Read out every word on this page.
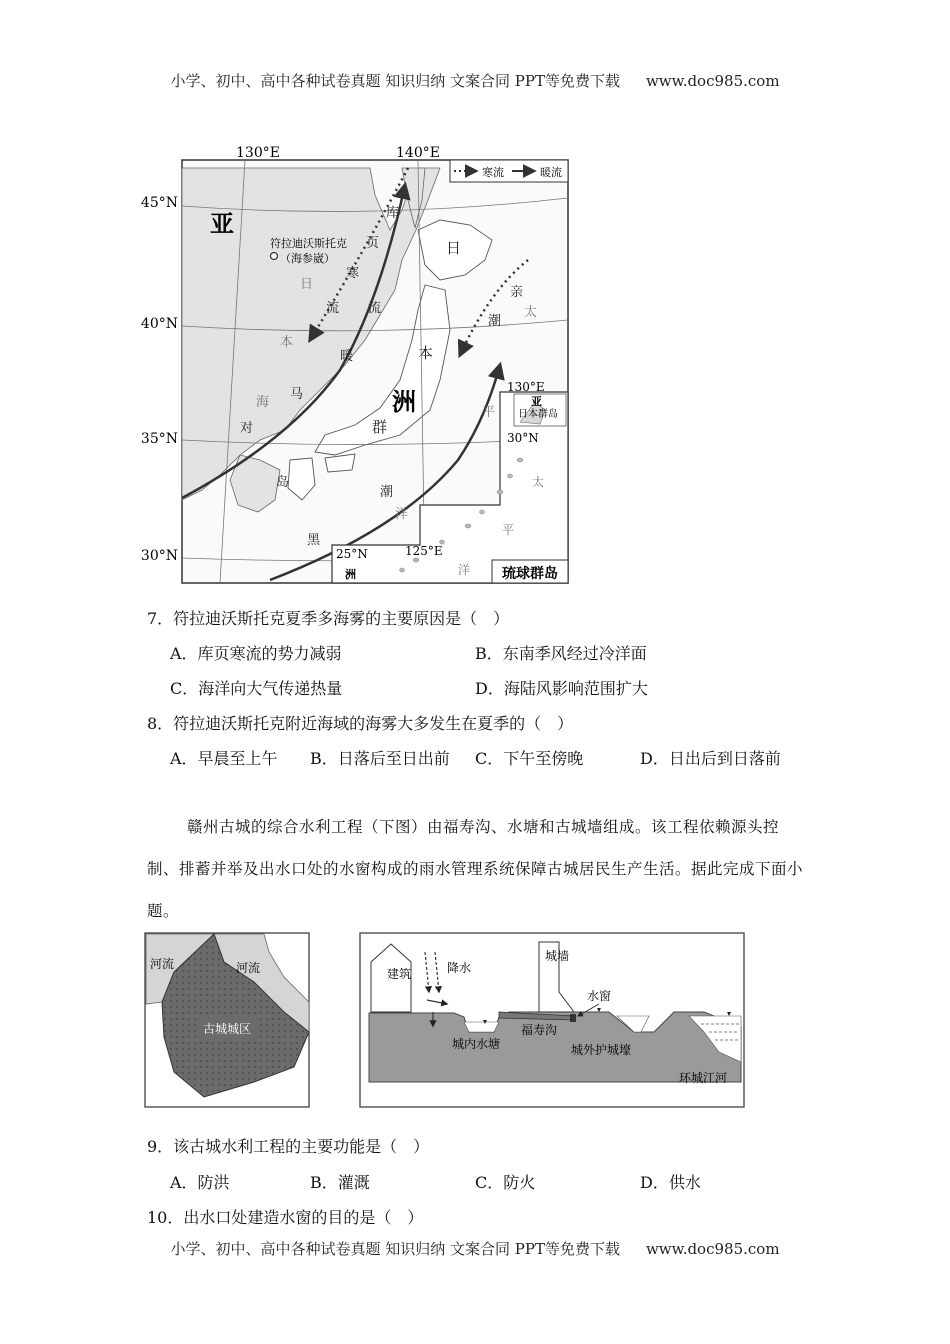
小学、初中、高中各种试卷真题 知识归纳 文案合同 PPT等免费下载 www.doc985.com
130°E	140°E
45°N
40°N
35°N
30°N
寒流	暖流
符拉迪沃斯托克
（海参崴）
亚
洲
库
页
寒
流 流
日
本
海
暖
马
对
岛
日
本
群
亲
潮
太
平
洋
黑
潮
130°E
亚
日本群岛
30°N
25°N	125°E
洲
太
平
洋 琉球群岛
7．符拉迪沃斯托克夏季多海雾的主要原因是（　）
A．库页寒流的势力减弱	B．东南季风经过冷洋面
C．海洋向大气传递热量	D．海陆风影响范围扩大
8．符拉迪沃斯托克附近海域的海雾大多发生在夏季的（　）
A．早晨至上午 B．日落后至日出前 C．下午至傍晚	D．日出后到日落前
赣州古城的综合水利工程（下图）由福寿沟、水塘和古城墙组成。该工程依赖源头控制、排蓄并举及出水口处的水窗构成的雨水管理系统保障古城居民生产生活。据此完成下面小题。
河流	河流
古城城区
建筑	降水
城墙
水窗
城内水塘
福寿沟
城外护城壕
环城江河
9．该古城水利工程的主要功能是（　）
A．防洪	B．灌溉	C．防火	D．供水
10．出水口处建造水窗的目的是（　）
小学、初中、高中各种试卷真题 知识归纳 文案合同 PPT等免费下载 www.doc985.com
